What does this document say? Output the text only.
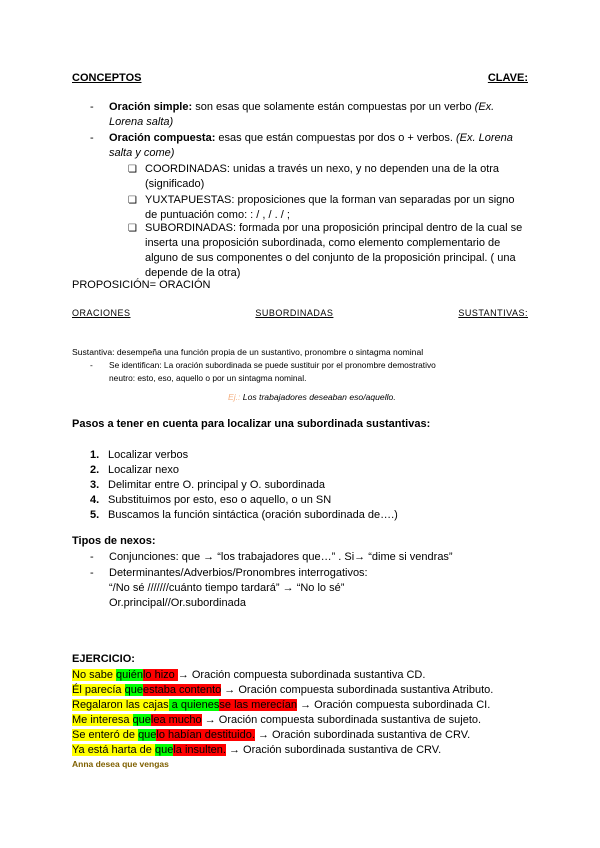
CONCEPTOS	CLAVE:
- Oración simple: son esas que solamente están compuestas por un verbo (Ex.
Lorena salta)
- Oración compuesta: esas que están compuestas por dos o + verbos. (Ex. Lorena
salta y come)
❏ COORDINADAS: unidas a través un nexo, y no dependen una de la otra
(significado)
❏ YUXTAPUESTAS: proposiciones que la forman van separadas por un signo
de puntuación como: : / , / . / ;
❏ SUBORDINADAS: formada por una proposición principal dentro de la cual se
inserta una proposición subordinada, como elemento complementario de
alguno de sus componentes o del conjunto de la proposición principal. ( una
depende de la otra)
PROPOSICIÓN= ORACIÓN
ORACIONES	SUBORDINADAS	SUSTANTIVAS:
Sustantiva: desempeña una función propia de un sustantivo, pronombre o sintagma nominal
- Se identifican: La oración subordinada se puede sustituir por el pronombre demostrativo
neutro: esto, eso, aquello o por un sintagma nominal.
Ej.: Los trabajadores deseaban eso/aquello.
Pasos a tener en cuenta para localizar una subordinada sustantivas:
1. Localizar verbos
2. Localizar nexo
3. Delimitar entre O. principal y O. subordinada
4. Substituimos por esto, eso o aquello, o un SN
5. Buscamos la función sintáctica (oración subordinada de….)
Tipos de nexos:
- Conjunciones: que → “los trabajadores que…” . Si→ “dime si vendras”
- Determinantes/Adverbios/Pronombres interrogativos:
“/No sé ///////cuánto tiempo tardará” → “No lo sé”
Or.principal//Or.subordinada
EJERCICIO:
No sabe quiénlo hizo → Oración compuesta subordinada sustantiva CD.
Él parecía queestaba contento → Oración compuesta subordinada sustantiva Atributo.
Regalaron las cajas a quienesse las merecían → Oración compuesta subordinada CI.
Me interesa quelea mucho → Oración compuesta subordinada sustantiva de sujeto.
Se enteró de quelo habían destituido. → Oración subordinada sustantiva de CRV.
Ya está harta de quela insulten. → Oración subordinada sustantiva de CRV.
Anna desea que vengas
